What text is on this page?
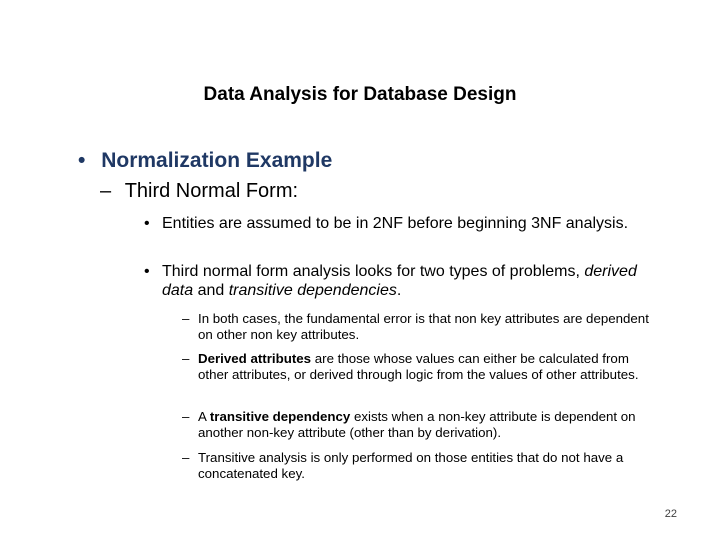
Data Analysis for Database Design
• Normalization Example
– Third Normal Form:
• Entities are assumed to be in 2NF before beginning 3NF analysis.
• Third normal form analysis looks for two types of problems, derived data and transitive dependencies.
– In both cases, the fundamental error is that non key attributes are dependent on other non key attributes.
– Derived attributes are those whose values can either be calculated from other attributes, or derived through logic from the values of other attributes.
– A transitive dependency exists when a non-key attribute is dependent on another non-key attribute (other than by derivation).
– Transitive analysis is only performed on those entities that do not have a concatenated key.
22
